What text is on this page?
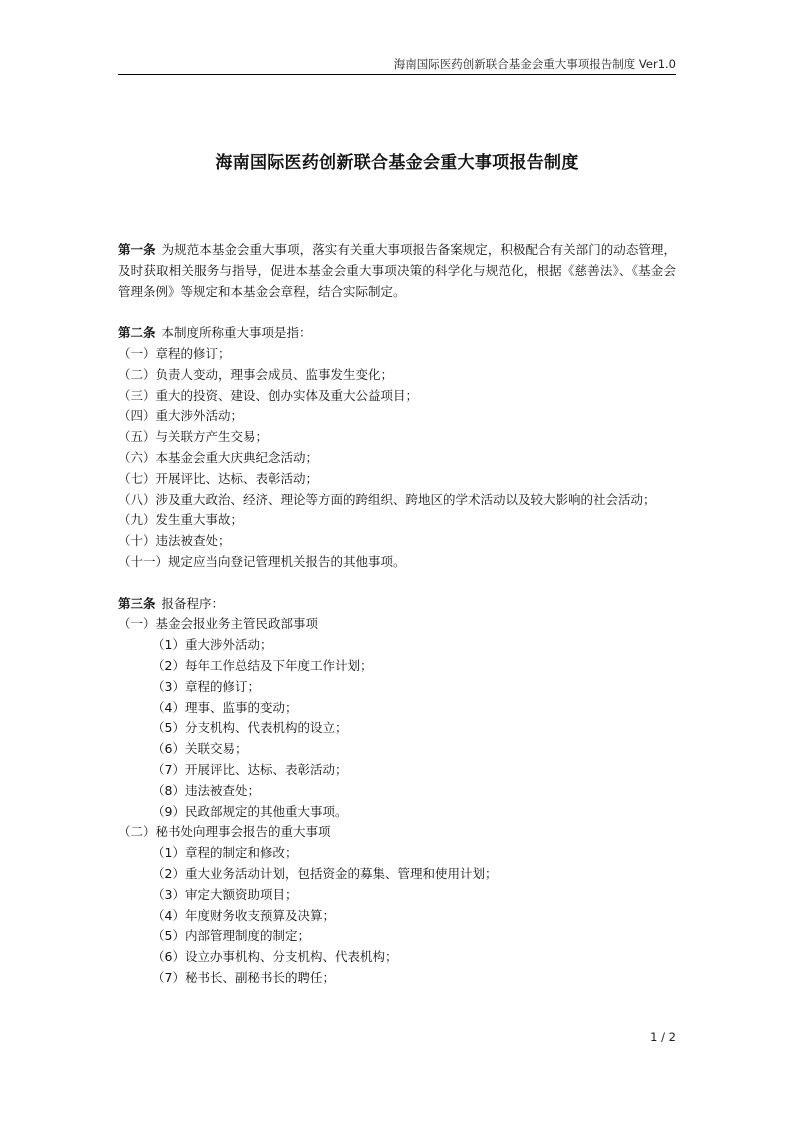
海南国际医药创新联合基金会重大事项报告制度 Ver1.0
海南国际医药创新联合基金会重大事项报告制度

第一条 为规范本基金会重大事项，落实有关重大事项报告备案规定，积极配合有关部门的动态管理，及时获取相关服务与指导，促进本基金会重大事项决策的科学化与规范化，根据《慈善法》、《基金会管理条例》等规定和本基金会章程，结合实际制定。

第二条 本制度所称重大事项是指：

（一）章程的修订；

（二）负责人变动，理事会成员、监事发生变化；

（三）重大的投资、建设、创办实体及重大公益项目；

（四）重大涉外活动；

（五）与关联方产生交易；

（六）本基金会重大庆典纪念活动；

（七）开展评比、达标、表彰活动；

（八）涉及重大政治、经济、理论等方面的跨组织、跨地区的学术活动以及较大影响的社会活动；

（九）发生重大事故；

（十）违法被查处；

（十一）规定应当向登记管理机关报告的其他事项。

第三条 报备程序：

（一）基金会报业务主管民政部事项

（1）重大涉外活动；

（2）每年工作总结及下年度工作计划；

（3）章程的修订；

（4）理事、监事的变动；

（5）分支机构、代表机构的设立；

（6）关联交易；

（7）开展评比、达标、表彰活动；

（8）违法被查处；

（9）民政部规定的其他重大事项。

（二）秘书处向理事会报告的重大事项

（1）章程的制定和修改；

（2）重大业务活动计划，包括资金的募集、管理和使用计划；

（3）审定大额资助项目；

（4）年度财务收支预算及决算；

（5）内部管理制度的制定；

（6）设立办事机构、分支机构、代表机构；

（7）秘书长、副秘书长的聘任；

1 / 2
